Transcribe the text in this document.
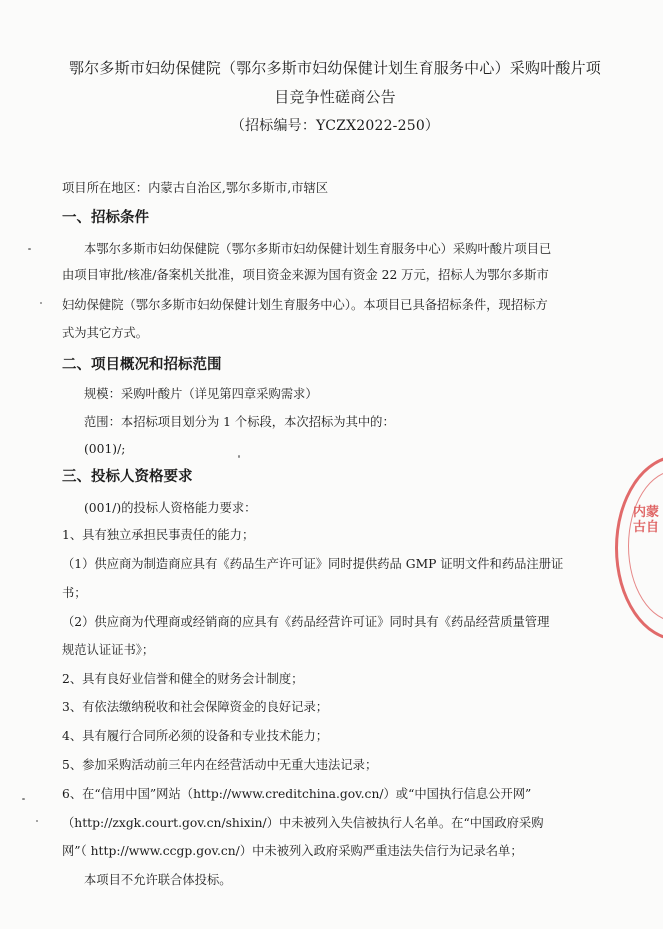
鄂尔多斯市妇幼保健院（鄂尔多斯市妇幼保健计划生育服务中心）采购叶酸片项
目竞争性磋商公告
（招标编号：YCZX2022-250）
项目所在地区：内蒙古自治区,鄂尔多斯市,市辖区
一、招标条件
本鄂尔多斯市妇幼保健院（鄂尔多斯市妇幼保健计划生育服务中心）采购叶酸片项目已
由项目审批/核准/备案机关批准，项目资金来源为国有资金 22 万元，招标人为鄂尔多斯市
妇幼保健院（鄂尔多斯市妇幼保健计划生育服务中心）。本项目已具备招标条件，现招标方
式为其它方式。
二、项目概况和招标范围
规模：采购叶酸片（详见第四章采购需求）
范围：本招标项目划分为 1 个标段，本次招标为其中的：
(001)/;
三、投标人资格要求
(001/)的投标人资格能力要求：
1、具有独立承担民事责任的能力；
（1）供应商为制造商应具有《药品生产许可证》同时提供药品 GMP 证明文件和药品注册证
书；
（2）供应商为代理商或经销商的应具有《药品经营许可证》同时具有《药品经营质量管理
规范认证证书》；
2、具有良好业信誉和健全的财务会计制度；
3、有依法缴纳税收和社会保障资金的良好记录；
4、具有履行合同所必须的设备和专业技术能力；
5、参加采购活动前三年内在经营活动中无重大违法记录；
6、在“信用中国”网站（http://www.creditchina.gov.cn/）或“中国执行信息公开网”
（http://zxgk.court.gov.cn/shixin/）中未被列入失信被执行人名单。在“中国政府采购
网”（ http://www.ccgp.gov.cn/）中未被列入政府采购严重违法失信行为记录名单；
本项目不允许联合体投标。
内蒙古自
